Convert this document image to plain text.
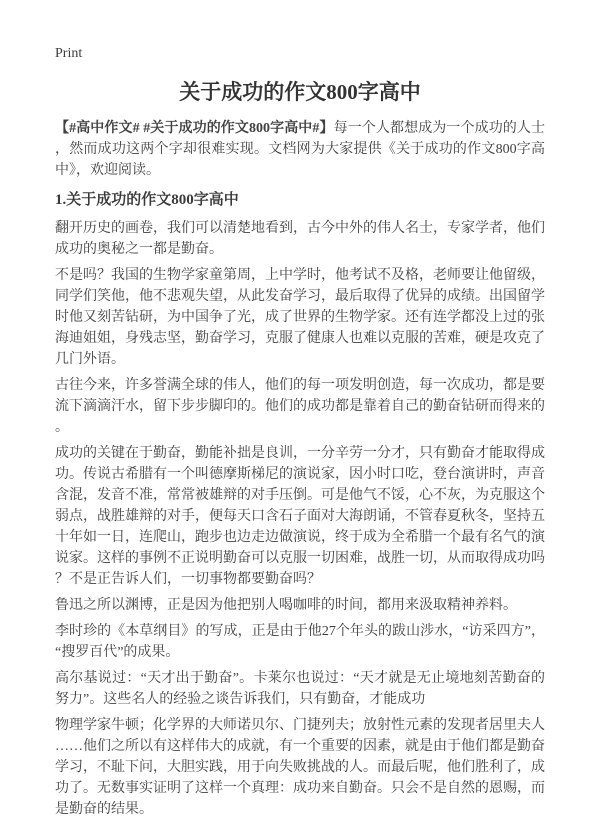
Print
关于成功的作文800字高中

【#高中作文# #关于成功的作文800字高中#】每一个人都想成为一个成功的人士，然而成功这两个字却很难实现。文档网为大家提供《关于成功的作文800字高中》，欢迎阅读。

1.关于成功的作文800字高中

翻开历史的画卷，我们可以清楚地看到，古今中外的伟人名士，专家学者，他们成功的奥秘之一都是勤奋。

不是吗？我国的生物学家童第周，上中学时，他考试不及格，老师要让他留级，同学们笑他，他不悲观失望，从此发奋学习，最后取得了优异的成绩。出国留学时他又刻苦钻研，为中国争了光，成了世界的生物学家。还有连学都没上过的张海迪姐姐，身残志坚，勤奋学习，克服了健康人也难以克服的苦难，硬是攻克了几门外语。

古往今来，许多誉满全球的伟人，他们的每一项发明创造，每一次成功，都是要流下滴滴汗水，留下步步脚印的。他们的成功都是靠着自己的勤奋钻研而得来的。

成功的关键在于勤奋，勤能补拙是良训，一分辛劳一分才，只有勤奋才能取得成功。传说古希腊有一个叫德摩斯梯尼的演说家，因小时口吃，登台演讲时，声音含混，发音不准，常常被雄辩的对手压倒。可是他气不馁，心不灰，为克服这个弱点，战胜雄辩的对手，便每天口含石子面对大海朗诵，不管春夏秋冬，坚持五十年如一日，连爬山，跑步也边走边做演说，终于成为全希腊一个最有名气的演说家。这样的事例不正说明勤奋可以克服一切困难，战胜一切，从而取得成功吗？不是正告诉人们，一切事物都要勤奋吗？

鲁迅之所以渊博，正是因为他把别人喝咖啡的时间，都用来汲取精神养料。

李时珍的《本草纲目》的写成，正是由于他27个年头的跋山涉水，“访采四方”，“搜罗百代”的成果。

高尔基说过：“天才出于勤奋”。卡莱尔也说过：“天才就是无止境地刻苦勤奋的努力”。这些名人的经验之谈告诉我们，只有勤奋，才能成功

物理学家牛顿；化学界的大师诺贝尔、门捷列夫；放射性元素的发现者居里夫人……他们之所以有这样伟大的成就，有一个重要的因素，就是由于他们都是勤奋学习，不耻下问，大胆实践，用于向失败挑战的人。而最后呢，他们胜利了，成功了。无数事实证明了这样一个真理：成功来自勤奋。只会不是自然的恩赐，而是勤奋的结果。
